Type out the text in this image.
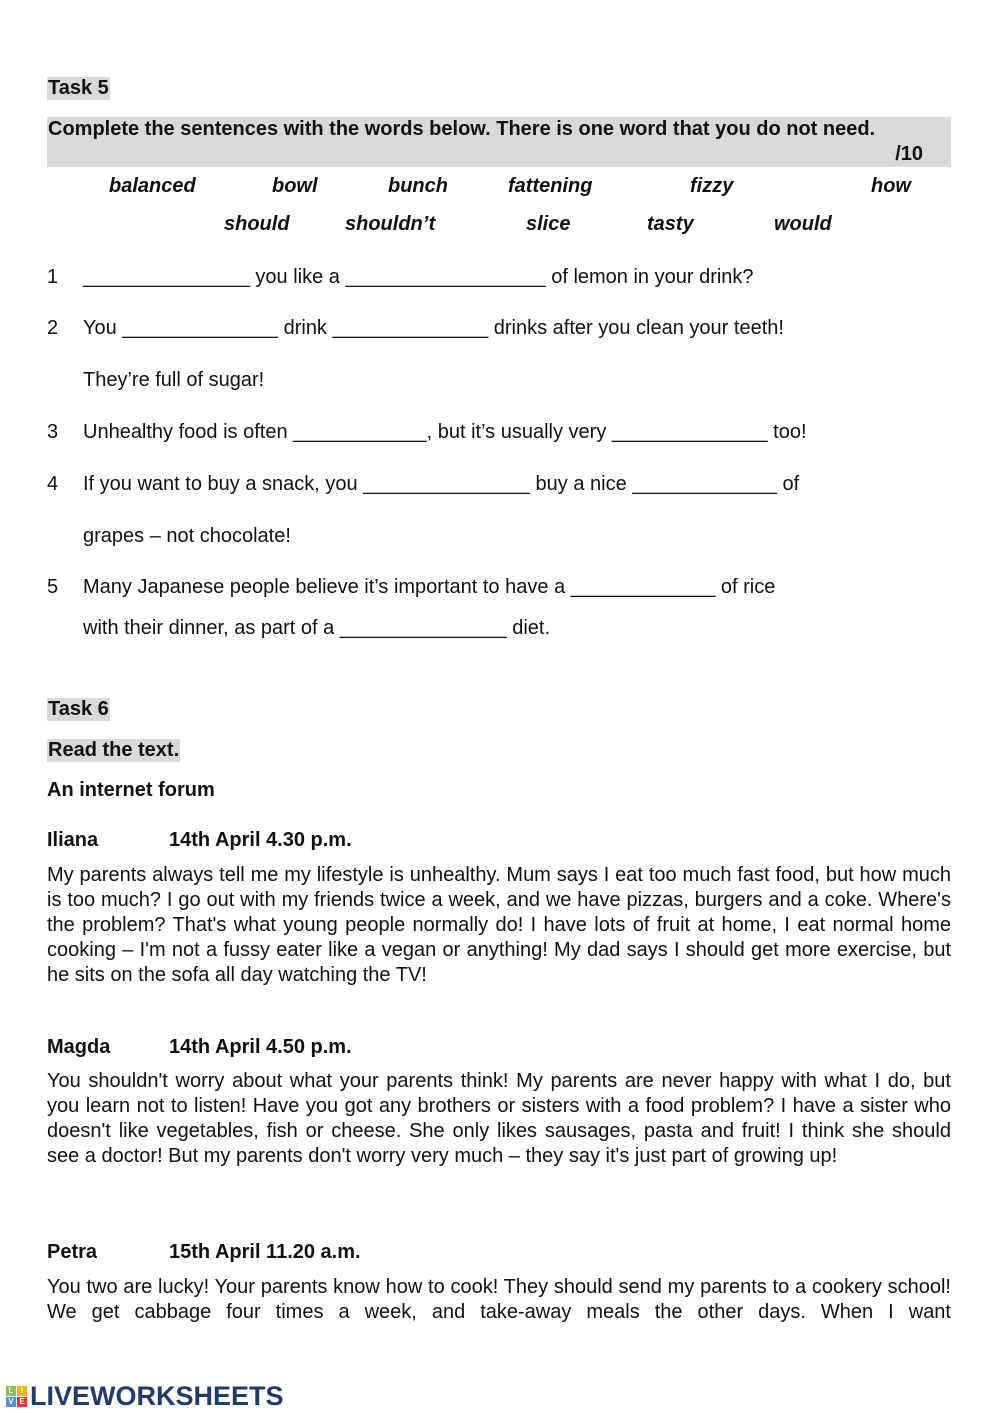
Task 5
Complete the sentences with the words below. There is one word that you do not need.
/10
balanced	bowl	bunch	fattening	fizzy	how
should	shouldn’t	slice	tasty	would
1 _______________ you like a __________________ of lemon in your drink?
2 You ______________ drink ______________ drinks after you clean your teeth!
They’re full of sugar!
3 Unhealthy food is often ____________, but it’s usually very ______________ too!
4 If you want to buy a snack, you _______________ buy a nice _____________ of
grapes – not chocolate!
5 Many Japanese people believe it’s important to have a _____________ of rice
with their dinner, as part of a _______________ diet.
Task 6
Read the text.
An internet forum
Iliana	14th April 4.30 p.m.
My parents always tell me my lifestyle is unhealthy. Mum says I eat too much fast food, but how much is too much? I go out with my friends twice a week, and we have pizzas, burgers and a coke. Where's the problem? That's what young people normally do! I have lots of fruit at home, I eat normal home cooking – I'm not a fussy eater like a vegan or anything! My dad says I should get more exercise, but he sits on the sofa all day watching the TV!
Magda	14th April 4.50 p.m.
You shouldn't worry about what your parents think! My parents are never happy with what I do, but you learn not to listen! Have you got any brothers or sisters with a food problem? I have a sister who doesn't like vegetables, fish or cheese. She only likes sausages, pasta and fruit! I think she should see a doctor! But my parents don't worry very much – they say it's just part of growing up!
Petra	15th April 11.20 a.m.
You two are lucky! Your parents know how to cook! They should send my parents to a cookery school! We get cabbage four times a week, and take-away meals the other days. When I want
L I
V E LIVEWORKSHEETS
